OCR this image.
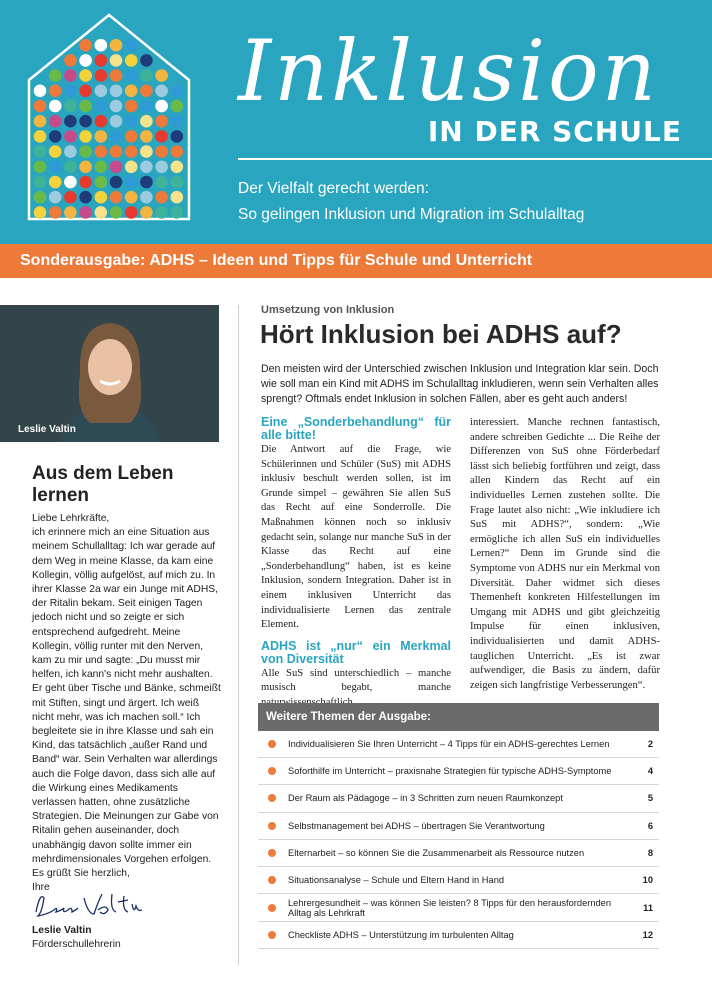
Inklusion
IN DER SCHULE
Der Vielfalt gerecht werden:
So gelingen Inklusion und Migration im Schulalltag
Sonderausgabe: ADHS – Ideen und Tipps für Schule und Unterricht
Leslie Valtin
Aus dem Leben lernen

Liebe Lehrkräfte,

ich erinnere mich an eine Situation aus meinem Schullalltag: Ich war gerade auf dem Weg in meine Klasse, da kam eine Kollegin, völlig aufgelöst, auf mich zu. In ihrer Klasse 2a war ein Junge mit ADHS, der Ritalin bekam. Seit einigen Tagen jedoch nicht und so zeigte er sich entsprechend aufgedreht. Meine Kollegin, völlig runter mit den Nerven, kam zu mir und sagte: „Du musst mir helfen, ich kann's nicht mehr aushalten. Er geht über Tische und Bänke, schmeißt mit Stiften, singt und ärgert. Ich weiß nicht mehr, was ich machen soll.“ Ich begleitete sie in ihre Klasse und sah ein Kind, das tatsächlich „außer Rand und Band“ war. Sein Verhalten war allerdings auch die Folge davon, dass sich alle auf die Wirkung eines Medikaments verlassen hatten, ohne zusätzliche Strategien. Die Meinungen zur Gabe von Ritalin gehen auseinander, doch unabhängig davon sollte immer ein mehrdimensionales Vorgehen erfolgen.

Es grüßt Sie herzlich,

Ihre

Leslie Valtin
Förderschullehrerin
Umsetzung von Inklusion
Hört Inklusion bei ADHS auf?
Den meisten wird der Unterschied zwischen Inklusion und Integration klar sein. Doch wie soll man ein Kind mit ADHS im Schulalltag inkludieren, wenn sein Verhalten alles sprengt? Oftmals endet Inklusion in solchen Fällen, aber es geht auch anders!
Eine „Sonderbehandlung“ für alle bitte!

Die Antwort auf die Frage, wie Schülerinnen und Schüler (SuS) mit ADHS inklusiv beschult werden sollen, ist im Grunde simpel – gewähren Sie allen SuS das Recht auf eine Sonderrolle. Die Maßnahmen können noch so inklusiv gedacht sein, solange nur manche SuS in der Klasse das Recht auf eine „Sonderbehandlung“ haben, ist es keine Inklusion, sondern Integration. Daher ist in einem inklusiven Unterricht das individualisierte Lernen das zentrale Element.

ADHS ist „nur“ ein Merkmal von Diversität

Alle SuS sind unterschiedlich – manche musisch begabt, manche

interessiert. Manche rechnen fantastisch, andere schreiben Gedichte ... Die Reihe der Differenzen von SuS ohne Förderbedarf lässt sich beliebig fortführen und zeigt, dass allen Kindern das Recht auf ein individuelles Lernen zustehen sollte. Die Frage lautet also nicht: „Wie inkludiere ich SuS mit ADHS?“, sondern: „Wie ermögliche ich allen SuS ein individuelles Lernen?“ Denn im Grunde sind die Symptome von ADHS nur ein Merkmal von Diversität. Daher widmet sich dieses Themenheft konkreten Hilfestellungen im Umgang mit ADHS und gibt gleichzeitig Impulse für einen inklusiven, individualisierten und damit ADHS-tauglichen Unterricht. „Es ist zwar aufwendiger, die Basis zu ändern, dafür zeigen sich langfristige Verbesserungen“.

Weitere Themen der Ausgabe:
Individualisieren Sie Ihren Unterricht – 4 Tipps für ein ADHS-gerechtes Lernen	2
Soforthilfe im Unterricht – praxisnahe Strategien für typische ADHS-Symptome	4
Der Raum als Pädagoge – in 3 Schritten zum neuen Raumkonzept	5
Selbstmanagement bei ADHS – übertragen Sie Verantwortung	6
Elternarbeit – so können Sie die Zusammenarbeit als Ressource nutzen	8
Situationsanalyse – Schule und Eltern Hand in Hand	10
Lehrergesundheit – was können Sie leisten? 8 Tipps für den herausfordernden Alltag als Lehrkraft	11
Checkliste ADHS – Unterstützung im turbulenten Alltag	12
